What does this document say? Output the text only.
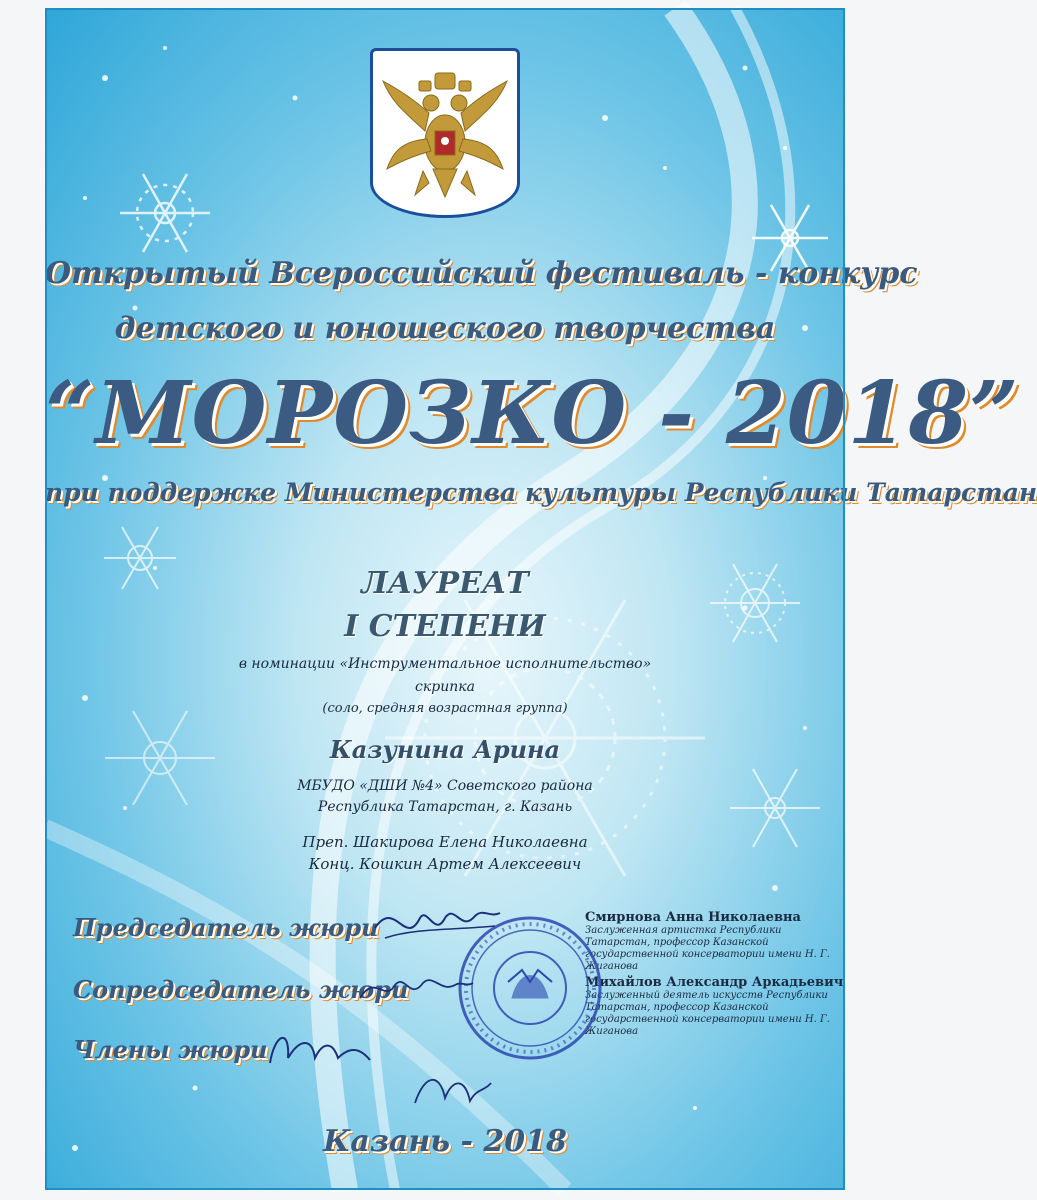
Открытый Всероссийский фестиваль - конкурс
детского и юношеского творчества
“МОРОЗКО - 2018”
при поддержке Министерства культуры Республики Татарстан
ЛАУРЕАТ
I СТЕПЕНИ
в номинации «Инструментальное исполнительство»
скрипка
(соло, средняя возрастная группа)
Казунина Арина
МБУДО «ДШИ №4» Советского района
Республика Татарстан, г. Казань
Преп. Шакирова Елена Николаевна
Конц. Кошкин Артем Алексеевич
Председатель жюри
Сопредседатель жюри
Члены жюри
Смирнова Анна Николаевна
Заслуженная артистка Республики Татарстан, профессор Казанской государственной консерватории имени Н. Г. Жиганова
Михайлов Александр Аркадьевич
Заслуженный деятель искусств Республики Татарстан, профессор Казанской государственной консерватории имени Н. Г. Жиганова
Казань - 2018
